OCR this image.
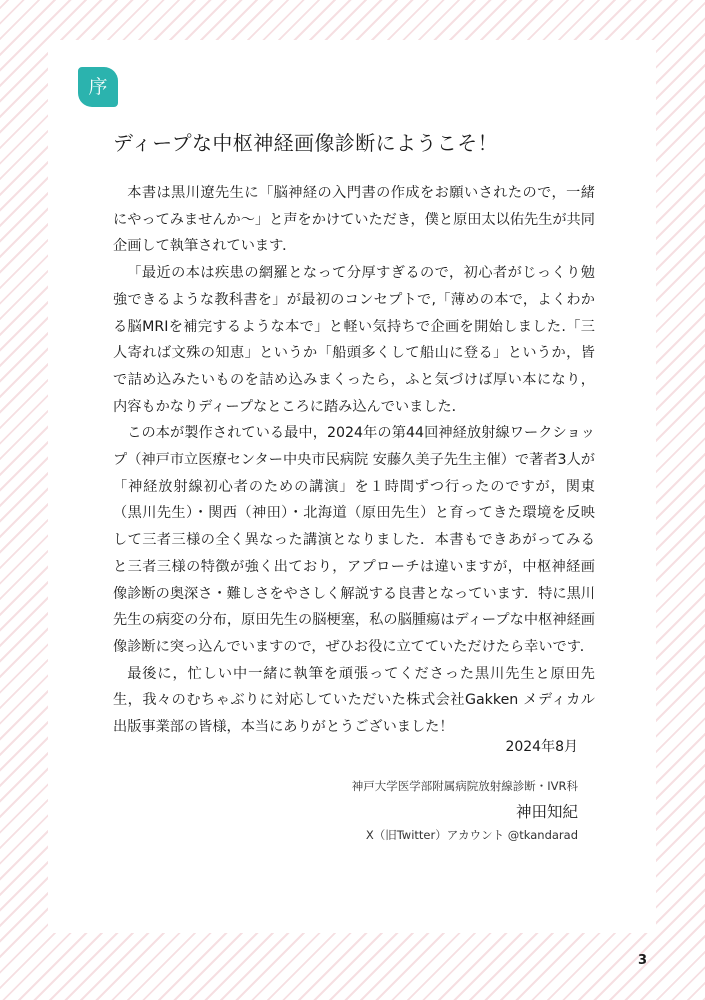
序
ディープな中枢神経画像診断にようこそ！

本書は黒川遼先生に「脳神経の入門書の作成をお願いされたので，一緒にやってみませんか～」と声をかけていただき，僕と原田太以佑先生が共同企画して執筆されています．

「最近の本は疾患の網羅となって分厚すぎるので，初心者がじっくり勉強できるような教科書を」が最初のコンセプトで,「薄めの本で，よくわかる脳MRIを補完するような本で」と軽い気持ちで企画を開始しました.「三人寄れば文殊の知恵」というか「船頭多くして船山に登る」というか，皆で詰め込みたいものを詰め込みまくったら，ふと気づけば厚い本になり，内容もかなりディープなところに踏み込んでいました．

この本が製作されている最中，2024年の第44回神経放射線ワークショップ（神戸市立医療センター中央市民病院 安藤久美子先生主催）で著者3人が「神経放射線初心者のための講演」を１時間ずつ行ったのですが，関東（黒川先生）・関西（神田）・北海道（原田先生）と育ってきた環境を反映して三者三様の全く異なった講演となりました．本書もできあがってみると三者三様の特徴が強く出ており，アプローチは違いますが，中枢神経画像診断の奥深さ・難しさをやさしく解説する良書となっています．特に黒川先生の病変の分布，原田先生の脳梗塞，私の脳腫瘍はディープな中枢神経画像診断に突っ込んでいますので，ぜひお役に立てていただけたら幸いです．

最後に，忙しい中一緒に執筆を頑張ってくださった黒川先生と原田先生，我々のむちゃぶりに対応していただいた株式会社Gakken メディカル出版事業部の皆様，本当にありがとうございました！

2024年8月
神戸大学医学部附属病院放射線診断・IVR科
神田知紀
X（旧Twitter）アカウント @tkandarad
3
